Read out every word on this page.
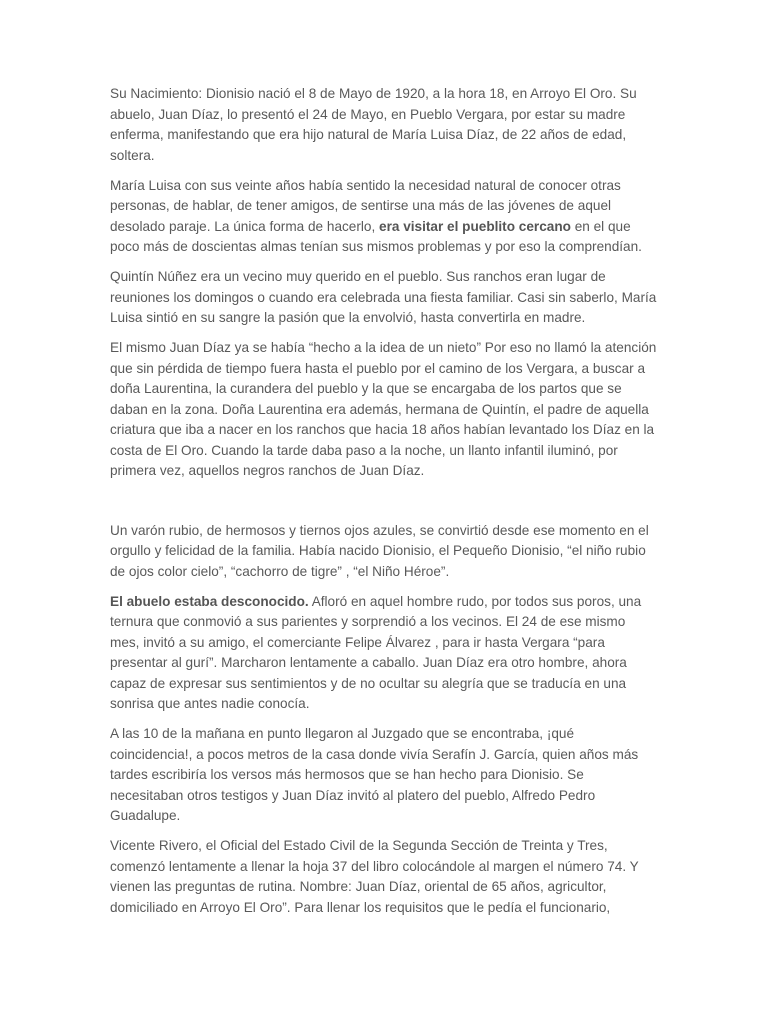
Su Nacimiento: Dionisio nació el 8 de Mayo de 1920, a la hora 18, en Arroyo El Oro. Su abuelo, Juan Díaz, lo presentó el 24 de Mayo, en Pueblo Vergara, por estar su madre enferma, manifestando que era hijo natural de María Luisa Díaz, de 22 años de edad, soltera.

María Luisa con sus veinte años había sentido la necesidad natural de conocer otras personas, de hablar, de tener amigos, de sentirse una más de las jóvenes de aquel desolado paraje. La única forma de hacerlo, era visitar el pueblito cercano en el que poco más de doscientas almas tenían sus mismos problemas y por eso la comprendían.

Quintín Núñez era un vecino muy querido en el pueblo. Sus ranchos eran lugar de reuniones los domingos o cuando era celebrada una fiesta familiar. Casi sin saberlo, María Luisa sintió en su sangre la pasión que la envolvió, hasta convertirla en madre.

El mismo Juan Díaz ya se había “hecho a la idea de un nieto” Por eso no llamó la atención que sin pérdida de tiempo fuera hasta el pueblo por el camino de los Vergara, a buscar a doña Laurentina, la curandera del pueblo y la que se encargaba de los partos que se daban en la zona. Doña Laurentina era además, hermana de Quintín, el padre de aquella criatura que iba a nacer en los ranchos que hacia 18 años habían levantado los Díaz en la costa de El Oro. Cuando la tarde daba paso a la noche, un llanto infantil iluminó, por primera vez, aquellos negros ranchos de Juan Díaz.

Un varón rubio, de hermosos y tiernos ojos azules, se convirtió desde ese momento en el orgullo y felicidad de la familia. Había nacido Dionisio, el Pequeño Dionisio, “el niño rubio de ojos color cielo”, “cachorro de tigre” , “el Niño Héroe”.

El abuelo estaba desconocido. Afloró en aquel hombre rudo, por todos sus poros, una ternura que conmovió a sus parientes y sorprendió a los vecinos. El 24 de ese mismo mes, invitó a su amigo, el comerciante Felipe Álvarez , para ir hasta Vergara “para presentar al gurí”. Marcharon lentamente a caballo. Juan Díaz era otro hombre, ahora capaz de expresar sus sentimientos y de no ocultar su alegría que se traducía en una sonrisa que antes nadie conocía.

A las 10 de la mañana en punto llegaron al Juzgado que se encontraba, ¡qué coincidencia!, a pocos metros de la casa donde vivía Serafín J. García, quien años más tardes escribiría los versos más hermosos que se han hecho para Dionisio. Se necesitaban otros testigos y Juan Díaz invitó al platero del pueblo, Alfredo Pedro Guadalupe.

Vicente Rivero, el Oficial del Estado Civil de la Segunda Sección de Treinta y Tres, comenzó lentamente a llenar la hoja 37 del libro colocándole al margen el número 74. Y vienen las preguntas de rutina. Nombre: Juan Díaz, oriental de 65 años, agricultor, domiciliado en Arroyo El Oro”. Para llenar los requisitos que le pedía el funcionario,
